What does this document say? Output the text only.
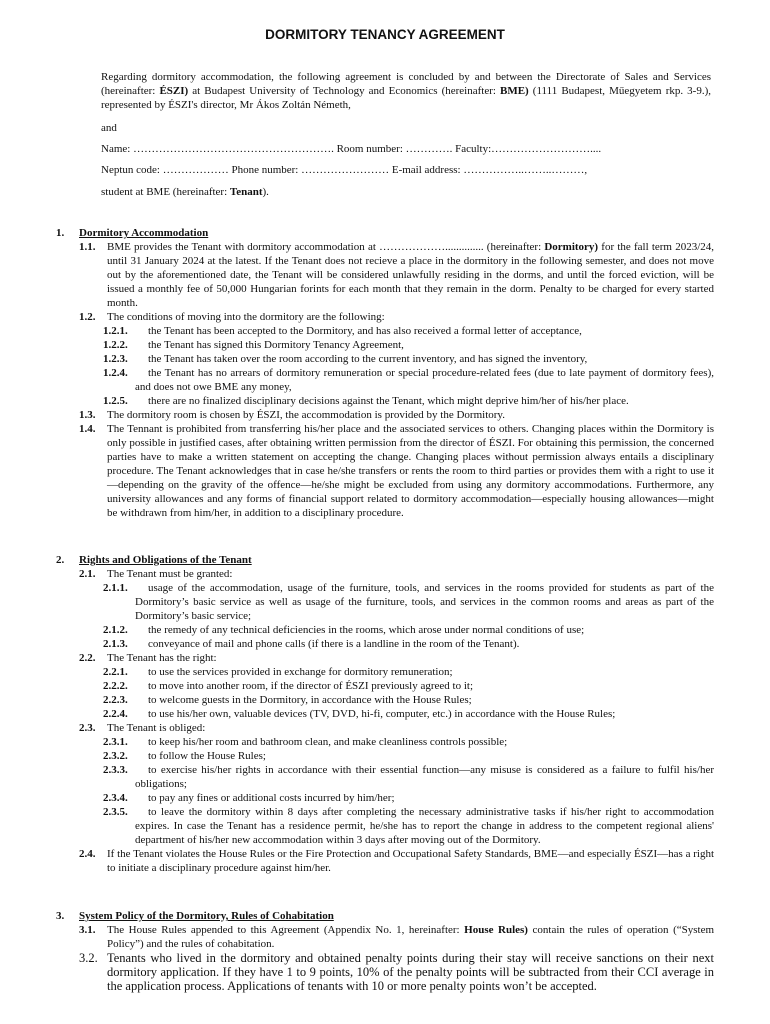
DORMITORY TENANCY AGREEMENT
Regarding dormitory accommodation, the following agreement is concluded by and between the Directorate of Sales and Services (hereinafter: ÉSZI) at Budapest University of Technology and Economics (hereinafter: BME) (1111 Budapest, Műegyetem rkp. 3-9.), represented by ÉSZI's director, Mr Ákos Zoltán Németh,
and
Name: ………………………………………………. Room number: …………. Faculty:………………………....
Neptun code: ……………… Phone number: …………………… E-mail address: ……………..……..………,
student at BME (hereinafter: Tenant).
1. Dormitory Accommodation
1.1. BME provides the Tenant with dormitory accommodation at ……………….............. (hereinafter: Dormitory) for the fall term 2023/24, until 31 January 2024 at the latest. If the Tenant does not recieve a place in the dormitory in the following semester, and does not move out by the aforementioned date, the Tenant will be considered unlawfully residing in the dorms, and until the forced eviction, will be issued a monthly fee of 50,000 Hungarian forints for each month that they remain in the dorm. Penalty to be charged for every started month.
1.2. The conditions of moving into the dormitory are the following:
1.2.1.	the Tenant has been accepted to the Dormitory, and has also received a formal letter of acceptance,
1.2.2.	the Tenant has signed this Dormitory Tenancy Agreement,
1.2.3.	the Tenant has taken over the room according to the current inventory, and has signed the inventory,
1.2.4.	the Tenant has no arrears of dormitory remuneration or special procedure-related fees (due to late payment of dormitory fees), and does not owe BME any money,
1.2.5.	there are no finalized disciplinary decisions against the Tenant, which might deprive him/her of his/her place.
1.3. The dormitory room is chosen by ÉSZI, the accommodation is provided by the Dormitory.
1.4. The Tennant is prohibited from transferring his/her place and the associated services to others. Changing places within the Dormitory is only possible in justified cases, after obtaining written permission from the director of ÉSZI. For obtaining this permission, the concerned parties have to make a written statement on accepting the change. Changing places without permission always entails a disciplinary procedure. The Tenant acknowledges that in case he/she transfers or rents the room to third parties or provides them with a right to use it—depending on the gravity of the offence—he/she might be excluded from using any dormitory accommodations. Furthermore, any university allowances and any forms of financial support related to dormitory accommodation—especially housing allowances—might be withdrawn from him/her, in addition to a disciplinary procedure.
2. Rights and Obligations of the Tenant
2.1. The Tenant must be granted:
2.1.1.	usage of the accommodation, usage of the furniture, tools, and services in the rooms provided for students as part of the Dormitory’s basic service as well as usage of the furniture, tools, and services in the common rooms and areas as part of the Dormitory’s basic service;
2.1.2.	the remedy of any technical deficiencies in the rooms, which arose under normal conditions of use;
2.1.3.	conveyance of mail and phone calls (if there is a landline in the room of the Tenant).
2.2. The Tenant has the right:
2.2.1.	to use the services provided in exchange for dormitory remuneration;
2.2.2.	to move into another room, if the director of ÉSZI previously agreed to it;
2.2.3.	to welcome guests in the Dormitory, in accordance with the House Rules;
2.2.4.	to use his/her own, valuable devices (TV, DVD, hi-fi, computer, etc.) in accordance with the House Rules;
2.3. The Tenant is obliged:
2.3.1.	to keep his/her room and bathroom clean, and make cleanliness controls possible;
2.3.2.	to follow the House Rules;
2.3.3.	to exercise his/her rights in accordance with their essential function—any misuse is considered as a failure to fulfil his/her obligations;
2.3.4.	to pay any fines or additional costs incurred by him/her;
2.3.5.	to leave the dormitory within 8 days after completing the necessary administrative tasks if his/her right to accommodation expires. In case the Tenant has a residence permit, he/she has to report the change in address to the competent regional aliens' department of his/her new accommodation within 3 days after moving out of the Dormitory.
2.4. If the Tenant violates the House Rules or the Fire Protection and Occupational Safety Standards, BME—and especially ÉSZI—has a right to initiate a disciplinary procedure against him/her.
3. System Policy of the Dormitory, Rules of Cohabitation
3.1. The House Rules appended to this Agreement (Appendix No. 1, hereinafter: House Rules) contain the rules of operation (“System Policy”) and the rules of cohabitation.
3.2. Tenants who lived in the dormitory and obtained penalty points during their stay will receive sanctions on their next dormitory application. If they have 1 to 9 points, 10% of the penalty points will be subtracted from their CCI average in the application process. Applications of tenants with 10 or more penalty points won’t be accepted.
